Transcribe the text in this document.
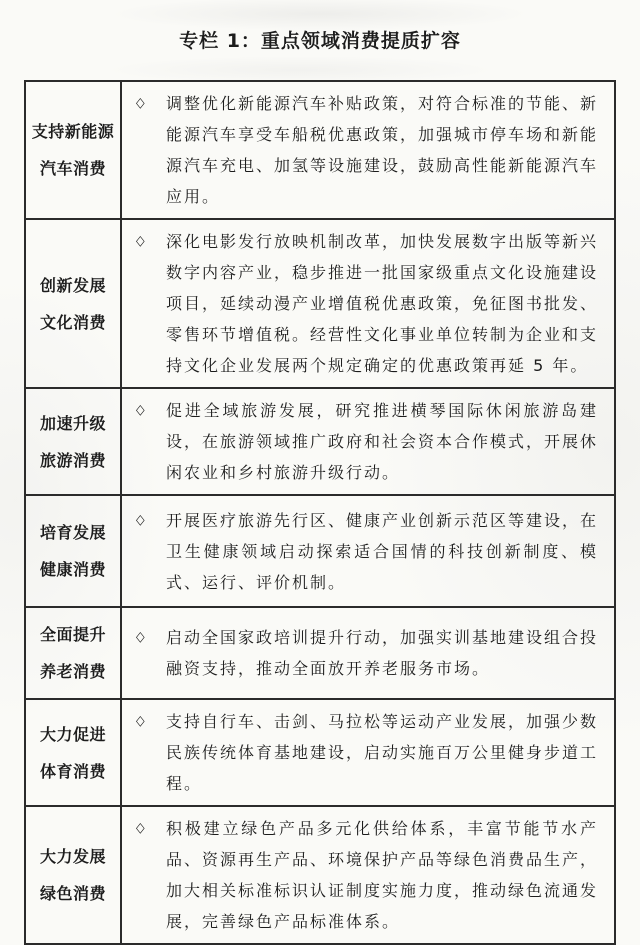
专栏 1：重点领域消费提质扩容
支持新能源
汽车消费	◇ 调整优化新能源汽车补贴政策，对符合标准的节能、新能源汽车享受车船税优惠政策，加强城市停车场和新能源汽车充电、加氢等设施建设，鼓励高性能新能源汽车应用。

创新发展
文化消费	◇ 深化电影发行放映机制改革，加快发展数字出版等新兴数字内容产业，稳步推进一批国家级重点文化设施建设项目，延续动漫产业增值税优惠政策，免征图书批发、零售环节增值税。经营性文化事业单位转制为企业和支持文化企业发展两个规定确定的优惠政策再延 5 年。

加速升级
旅游消费	◇ 促进全域旅游发展，研究推进横琴国际休闲旅游岛建设，在旅游领域推广政府和社会资本合作模式，开展休闲农业和乡村旅游升级行动。

培育发展
健康消费	◇ 开展医疗旅游先行区、健康产业创新示范区等建设，在卫生健康领域启动探索适合国情的科技创新制度、模式、运行、评价机制。

全面提升
养老消费	◇ 启动全国家政培训提升行动，加强实训基地建设组合投融资支持，推动全面放开养老服务市场。

大力促进
体育消费	◇ 支持自行车、击剑、马拉松等运动产业发展，加强少数民族传统体育基地建设，启动实施百万公里健身步道工程。

大力发展
绿色消费	◇ 积极建立绿色产品多元化供给体系，丰富节能节水产品、资源再生产品、环境保护产品等绿色消费品生产，加大相关标准标识认证制度实施力度，推动绿色流通发展，完善绿色产品标准体系。
